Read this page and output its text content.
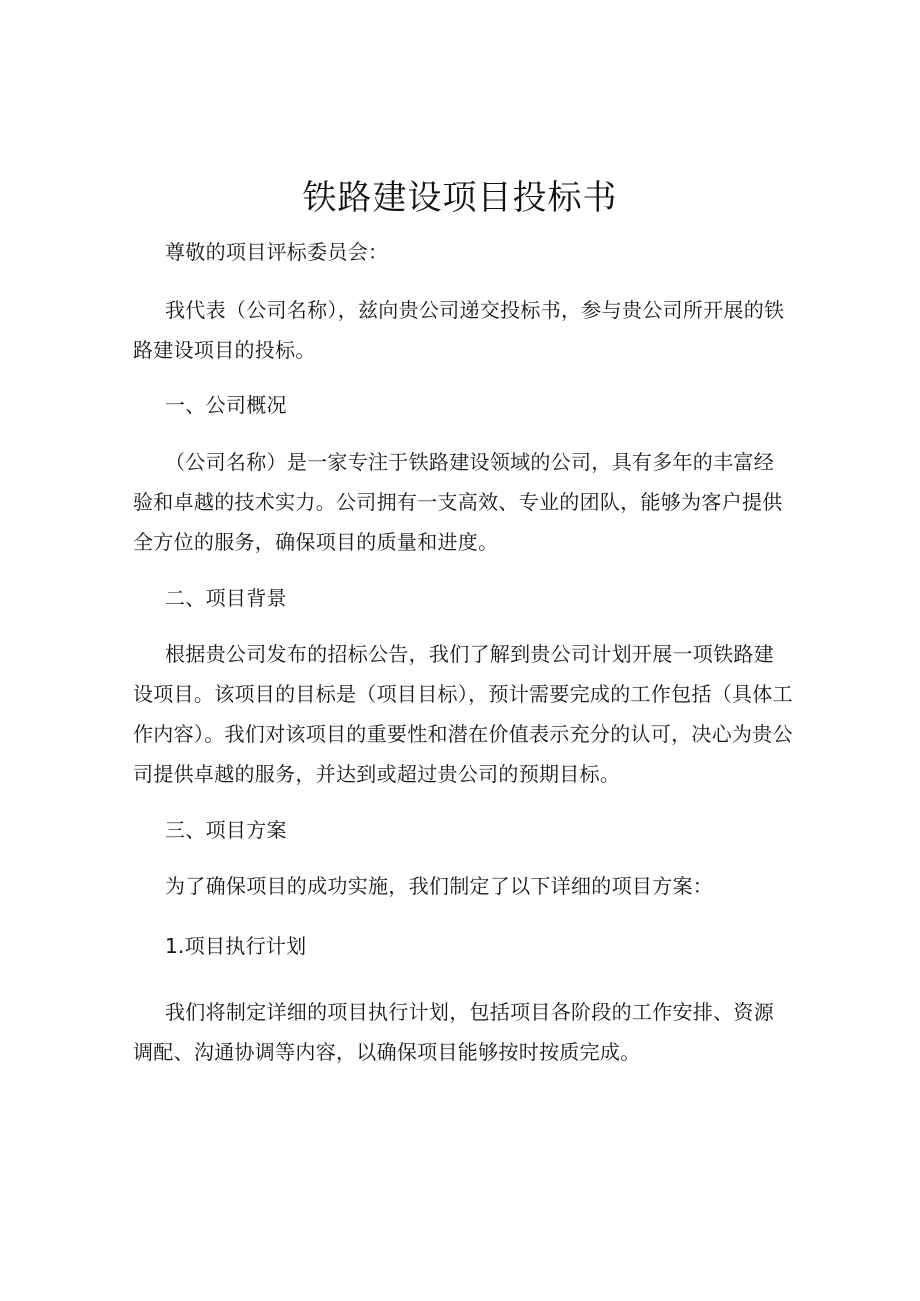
铁路建设项目投标书
尊敬的项目评标委员会：
我代表（公司名称），兹向贵公司递交投标书，参与贵公司所开展的铁路建设项目的投标。
一、公司概况
（公司名称）是一家专注于铁路建设领域的公司，具有多年的丰富经验和卓越的技术实力。公司拥有一支高效、专业的团队，能够为客户提供全方位的服务，确保项目的质量和进度。
二、项目背景
根据贵公司发布的招标公告，我们了解到贵公司计划开展一项铁路建设项目。该项目的目标是（项目目标），预计需要完成的工作包括（具体工作内容）。我们对该项目的重要性和潜在价值表示充分的认可，决心为贵公司提供卓越的服务，并达到或超过贵公司的预期目标。
三、项目方案
为了确保项目的成功实施，我们制定了以下详细的项目方案：
1.项目执行计划
我们将制定详细的项目执行计划，包括项目各阶段的工作安排、资源调配、沟通协调等内容，以确保项目能够按时按质完成。
